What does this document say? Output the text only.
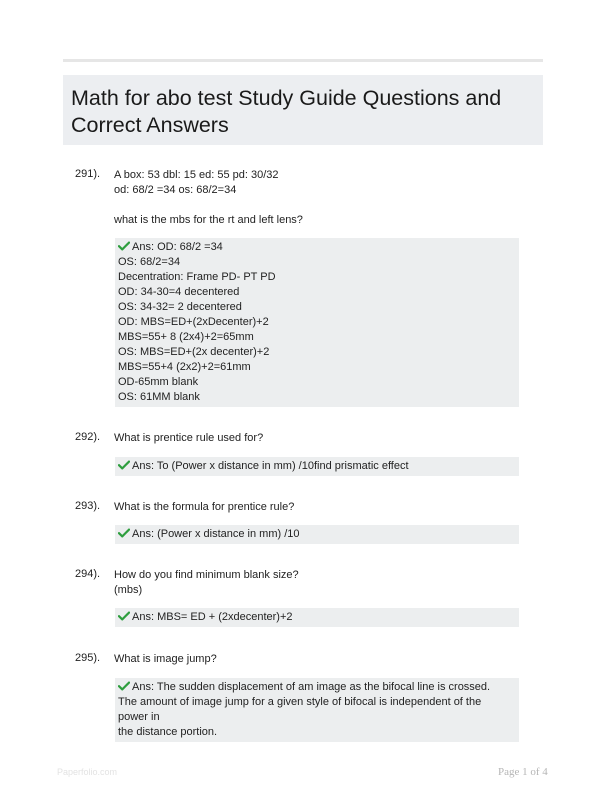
Math for abo test Study Guide Questions and Correct Answers
291). A box: 53 dbl: 15 ed: 55 pd: 30/32
od: 68/2 =34 os: 68/2=34
what is the mbs for the rt and left lens?
Ans: OD: 68/2 =34
OS: 68/2=34
Decentration: Frame PD- PT PD
OD: 34-30=4 decentered
OS: 34-32= 2 decentered
OD: MBS=ED+(2xDecenter)+2
MBS=55+ 8 (2x4)+2=65mm
OS: MBS=ED+(2x decenter)+2
MBS=55+4 (2x2)+2=61mm
OD-65mm blank
OS: 61MM blank
292). What is prentice rule used for?
Ans: To (Power x distance in mm) /10find prismatic effect
293). What is the formula for prentice rule?
Ans: (Power x distance in mm) /10
294). How do you find minimum blank size?
(mbs)
Ans: MBS= ED + (2xdecenter)+2
295). What is image jump?
Ans: The sudden displacement of am image as the bifocal line is crossed.
The amount of image jump for a given style of bifocal is independent of the power in
the distance portion.
Paperfolio.com	Page 1 of 4
